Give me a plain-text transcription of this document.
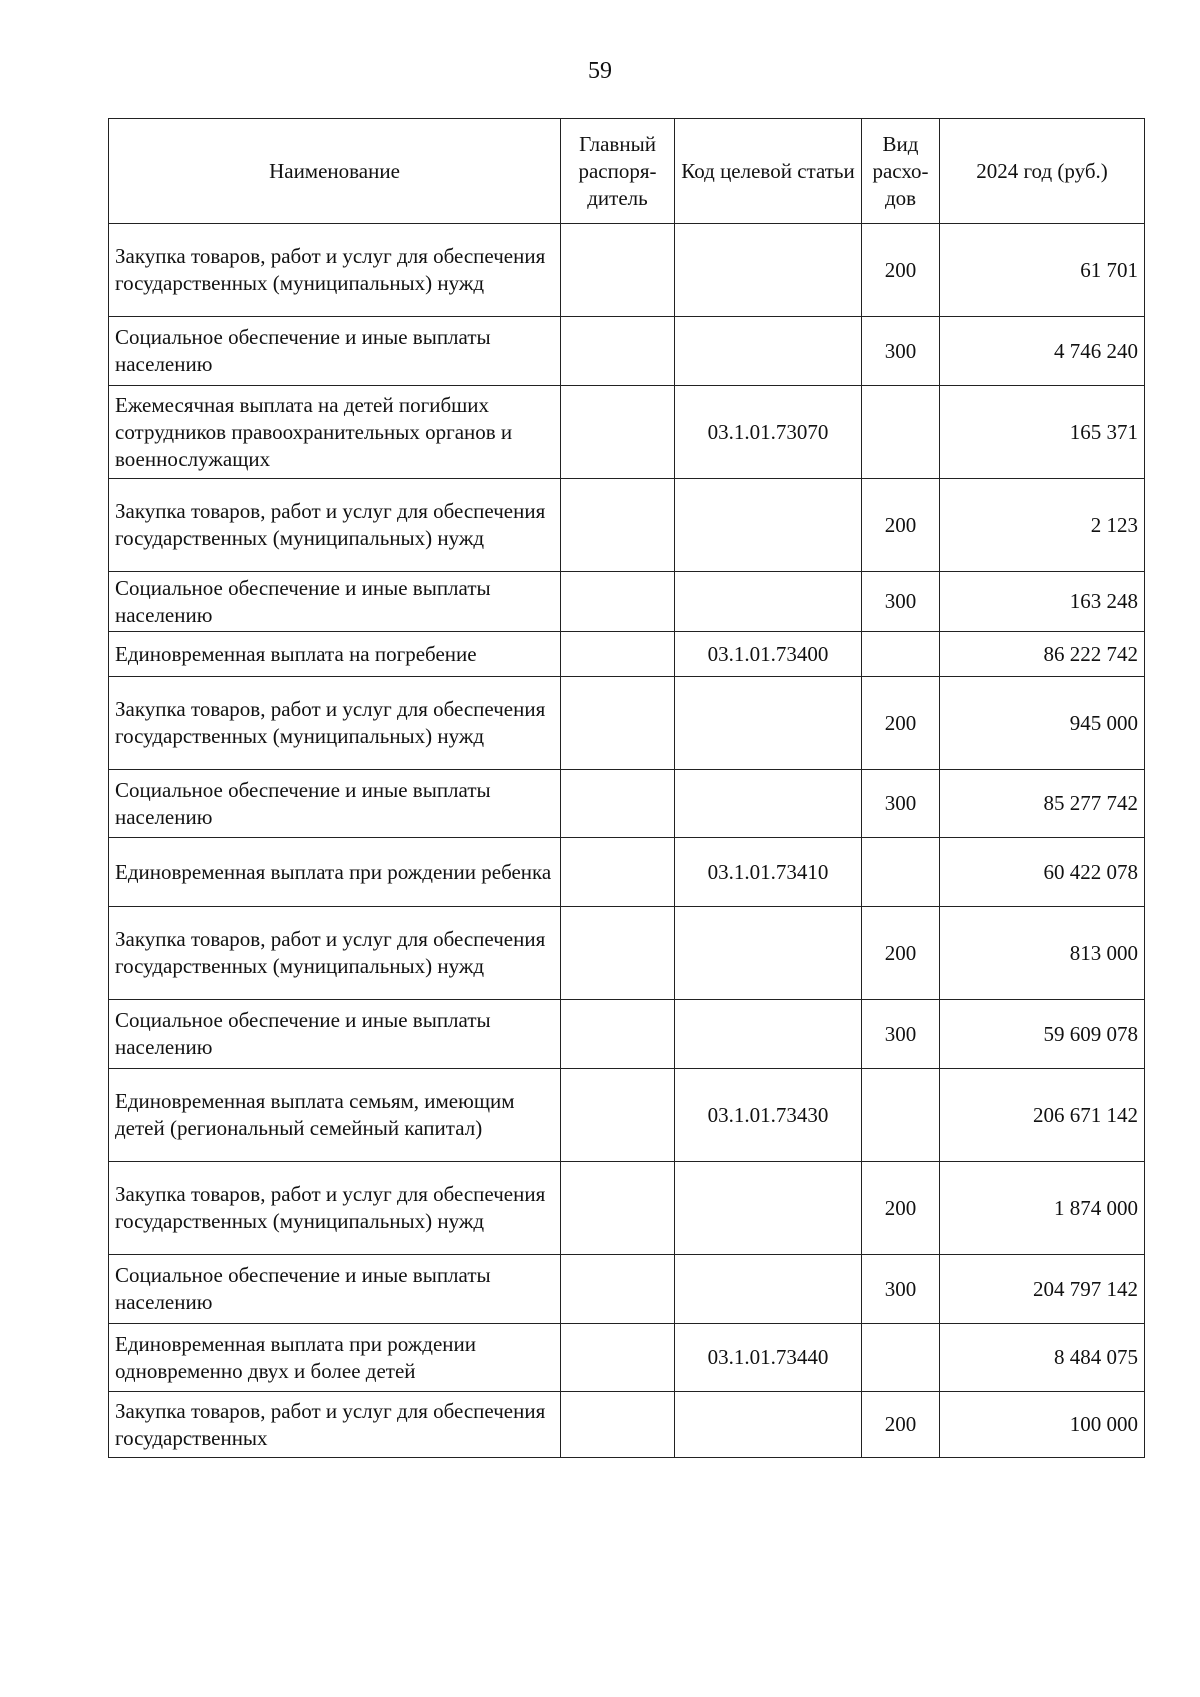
59
Наименование	Главный распоря-дитель	Код целевой статьи	Вид расхо-дов	2024 год (руб.)
Закупка товаров, работ и услуг для обеспечения государственных (муниципальных) нужд			200	61 701
Социальное обеспечение и иные выплаты населению			300	4 746 240
Ежемесячная выплата на детей погибших сотрудников правоохранительных органов и военнослужащих		03.1.01.73070		165 371
Закупка товаров, работ и услуг для обеспечения государственных (муниципальных) нужд			200	2 123
Социальное обеспечение и иные выплаты населению			300	163 248
Единовременная выплата на погребение		03.1.01.73400		86 222 742
Закупка товаров, работ и услуг для обеспечения государственных (муниципальных) нужд			200	945 000
Социальное обеспечение и иные выплаты населению			300	85 277 742
Единовременная выплата при рождении ребенка		03.1.01.73410		60 422 078
Закупка товаров, работ и услуг для обеспечения государственных (муниципальных) нужд			200	813 000
Социальное обеспечение и иные выплаты населению			300	59 609 078
Единовременная выплата семьям, имеющим детей (региональный семейный капитал)		03.1.01.73430		206 671 142
Закупка товаров, работ и услуг для обеспечения государственных (муниципальных) нужд			200	1 874 000
Социальное обеспечение и иные выплаты населению			300	204 797 142
Единовременная выплата при рождении одновременно двух и более детей		03.1.01.73440		8 484 075
Закупка товаров, работ и услуг для обеспечения государственных			200	100 000
